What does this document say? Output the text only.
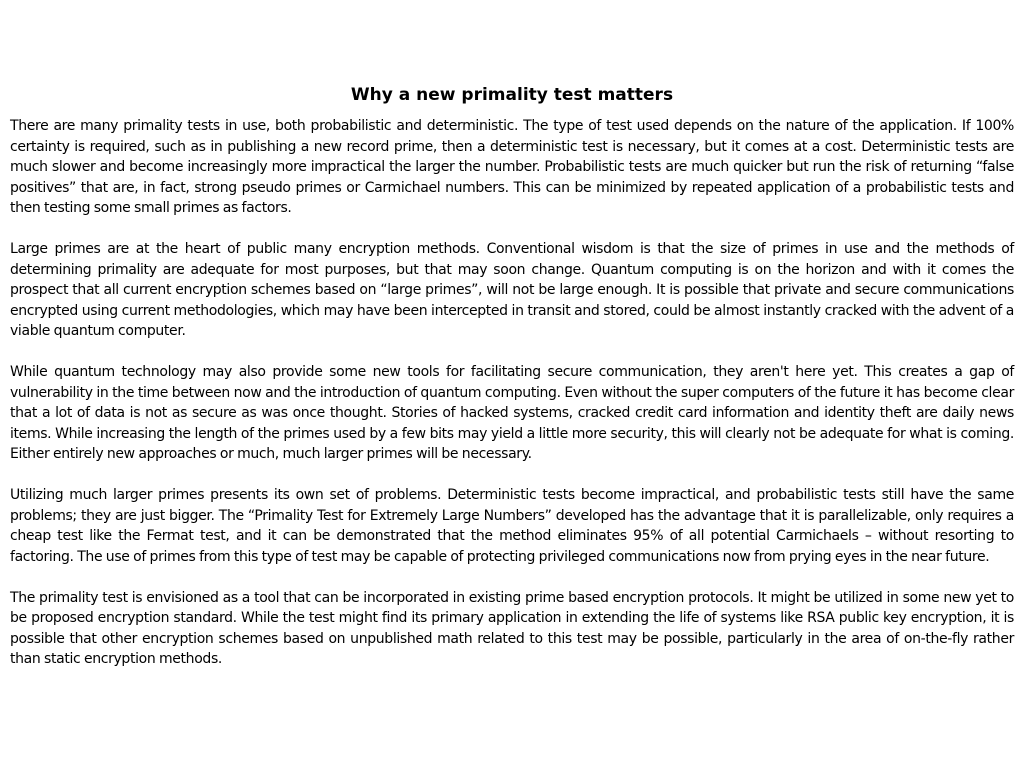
Why a new primality test matters

There are many primality tests in use, both probabilistic and deterministic. The type of test used depends on the nature of the application. If 100% certainty is required, such as in publishing a new record prime, then a deterministic test is necessary, but it comes at a cost. Deterministic tests are much slower and become increasingly more impractical the larger the number. Probabilistic tests are much quicker but run the risk of returning “false positives” that are, in fact, strong pseudo primes or Carmichael numbers. This can be minimized by repeated application of a probabilistic tests and then testing some small primes as factors.

Large primes are at the heart of public many encryption methods. Conventional wisdom is that the size of primes in use and the methods of determining primality are adequate for most purposes, but that may soon change. Quantum computing is on the horizon and with it comes the prospect that all current encryption schemes based on “large primes”, will not be large enough. It is possible that private and secure communications encrypted using current methodologies, which may have been intercepted in transit and stored, could be almost instantly cracked with the advent of a viable quantum computer.

While quantum technology may also provide some new tools for facilitating secure communication, they aren't here yet. This creates a gap of vulnerability in the time between now and the introduction of quantum computing. Even without the super computers of the future it has become clear that a lot of data is not as secure as was once thought. Stories of hacked systems, cracked credit card information and identity theft are daily news items. While increasing the length of the primes used by a few bits may yield a little more security, this will clearly not be adequate for what is coming. Either entirely new approaches or much, much larger primes will be necessary.

Utilizing much larger primes presents its own set of problems. Deterministic tests become impractical, and probabilistic tests still have the same problems; they are just bigger. The “Primality Test for Extremely Large Numbers” developed has the advantage that it is parallelizable, only requires a cheap test like the Fermat test, and it can be demonstrated that the method eliminates 95% of all potential Carmichaels – without resorting to factoring. The use of primes from this type of test may be capable of protecting privileged communications now from prying eyes in the near future.

The primality test is envisioned as a tool that can be incorporated in existing prime based encryption protocols. It might be utilized in some new yet to be proposed encryption standard. While the test might find its primary application in extending the life of systems like RSA public key encryption, it is possible that other encryption schemes based on unpublished math related to this test may be possible, particularly in the area of on-the-fly rather than static encryption methods.
